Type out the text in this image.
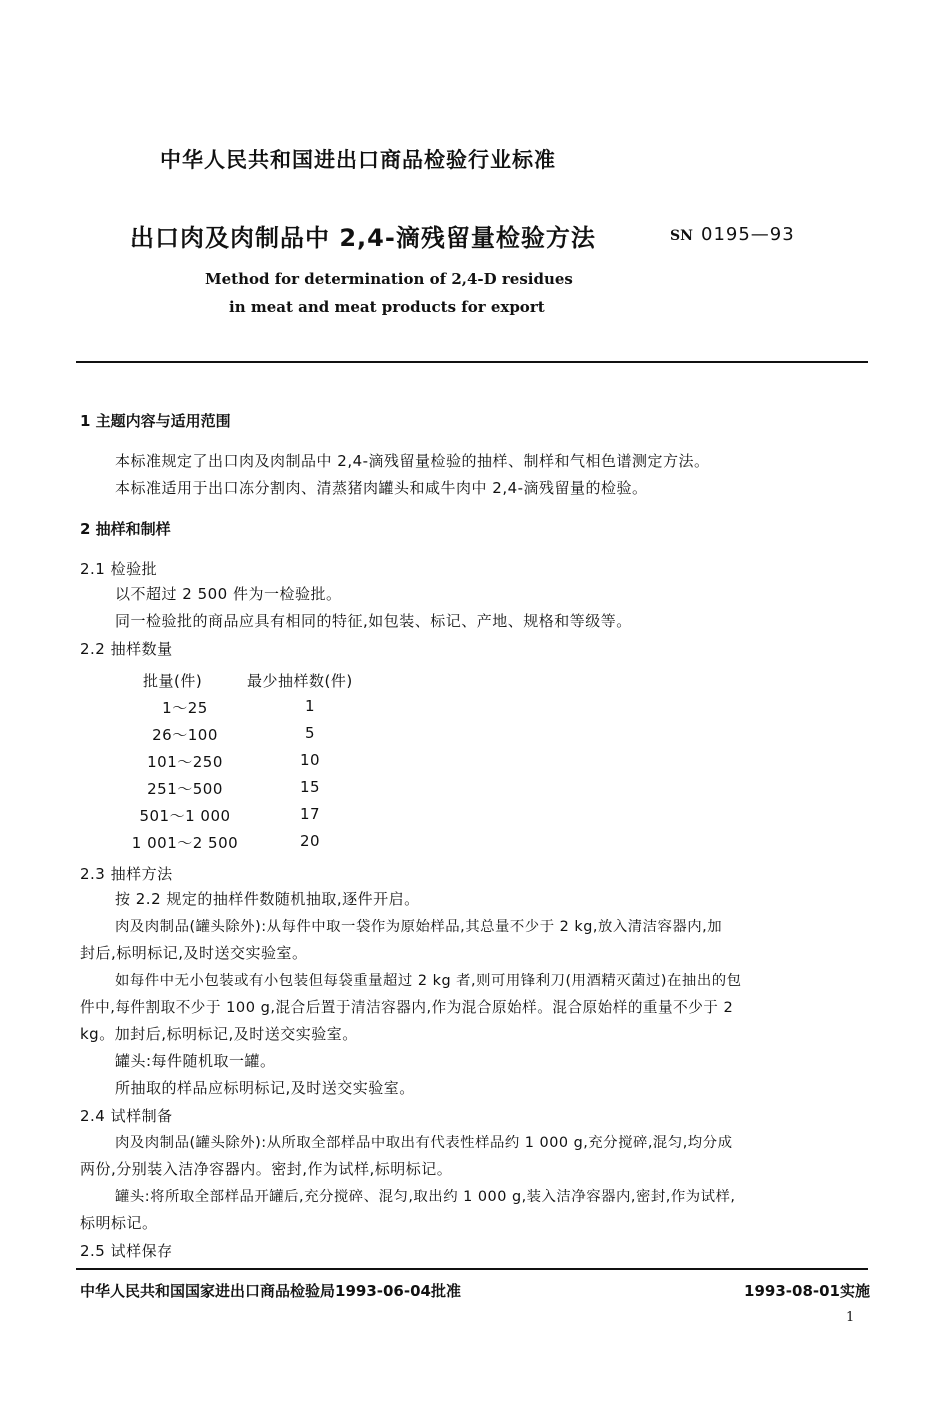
中华人民共和国进出口商品检验行业标准
出口肉及肉制品中 2,4-滴残留量检验方法	SN 0195—93
Method for determination of 2,4-D residues
in meat and meat products for export
1 主题内容与适用范围
本标准规定了出口肉及肉制品中 2,4-滴残留量检验的抽样、制样和气相色谱测定方法。
本标准适用于出口冻分割肉、清蒸猪肉罐头和咸牛肉中 2,4-滴残留量的检验。
2 抽样和制样
2.1 检验批
以不超过 2 500 件为一检验批。
同一检验批的商品应具有相同的特征,如包装、标记、产地、规格和等级等。
2.2 抽样数量
批量(件)	最少抽样数(件)
1～25	1
26～100	5
101～250	10
251～500	15
501～1 000	17
1 001～2 500	20
2.3 抽样方法
按 2.2 规定的抽样件数随机抽取,逐件开启。
肉及肉制品(罐头除外):从每件中取一袋作为原始样品,其总量不少于 2 kg,放入清洁容器内,加
封后,标明标记,及时送交实验室。
如每件中无小包装或有小包装但每袋重量超过 2 kg 者,则可用锋利刀(用酒精灭菌过)在抽出的包
件中,每件割取不少于 100 g,混合后置于清洁容器内,作为混合原始样。混合原始样的重量不少于 2
kg。加封后,标明标记,及时送交实验室。
罐头:每件随机取一罐。
所抽取的样品应标明标记,及时送交实验室。
2.4 试样制备
肉及肉制品(罐头除外):从所取全部样品中取出有代表性样品约 1 000 g,充分搅碎,混匀,均分成
两份,分别装入洁净容器内。密封,作为试样,标明标记。
罐头:将所取全部样品开罐后,充分搅碎、混匀,取出约 1 000 g,装入洁净容器内,密封,作为试样,
标明标记。
2.5 试样保存
中华人民共和国国家进出口商品检验局1993-06-04批准	1993-08-01实施
1
